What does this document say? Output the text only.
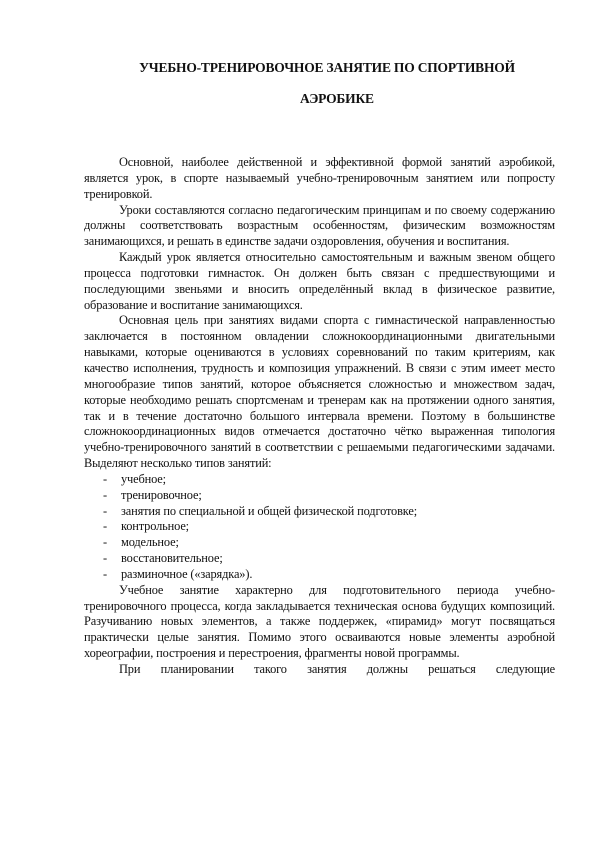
УЧЕБНО-ТРЕНИРОВОЧНОЕ ЗАНЯТИЕ ПО СПОРТИВНОЙ
АЭРОБИКЕ

Основной, наиболее действенной и эффективной формой занятий аэробикой, является урок, в спорте называемый учебно-тренировочным занятием или попросту тренировкой.

Уроки составляются согласно педагогическим принципам и по своему содержанию должны соответствовать возрастным особенностям, физическим возможностям занимающихся, и решать в единстве задачи оздоровления, обучения и воспитания.

Каждый урок является относительно самостоятельным и важным звеном общего процесса подготовки гимнасток. Он должен быть связан с предшествующими и последующими звеньями и вносить определённый вклад в физическое развитие, образование и воспитание занимающихся.

Основная цель при занятиях видами спорта с гимнастической направленностью заключается в постоянном овладении сложнокоординационными двигательными навыками, которые оцениваются в условиях соревнований по таким критериям, как качество исполнения, трудность и композиция упражнений. В связи с этим имеет место многообразие типов занятий, которое объясняется сложностью и множеством задач, которые необходимо решать спортсменам и тренерам как на протяжении одного занятия, так и в течение достаточно большого интервала времени. Поэтому в большинстве сложнокоординационных видов отмечается достаточно чётко выраженная типология учебно-тренировочного занятий в соответствии с решаемыми педагогическими задачами. Выделяют несколько типов занятий:

- учебное;
- тренировочное;
- занятия по специальной и общей физической подготовке;
- контрольное;
- модельное;
- восстановительное;
- разминочное («зарядка»).

Учебное занятие характерно для подготовительного периода учебно-тренировочного процесса, когда закладывается техническая основа будущих композиций. Разучиванию новых элементов, а также поддержек, «пирамид» могут посвящаться практически целые занятия. Помимо этого осваиваются новые элементы аэробной хореографии, построения и перестроения, фрагменты новой программы.

При планировании такого занятия должны решаться следующие
